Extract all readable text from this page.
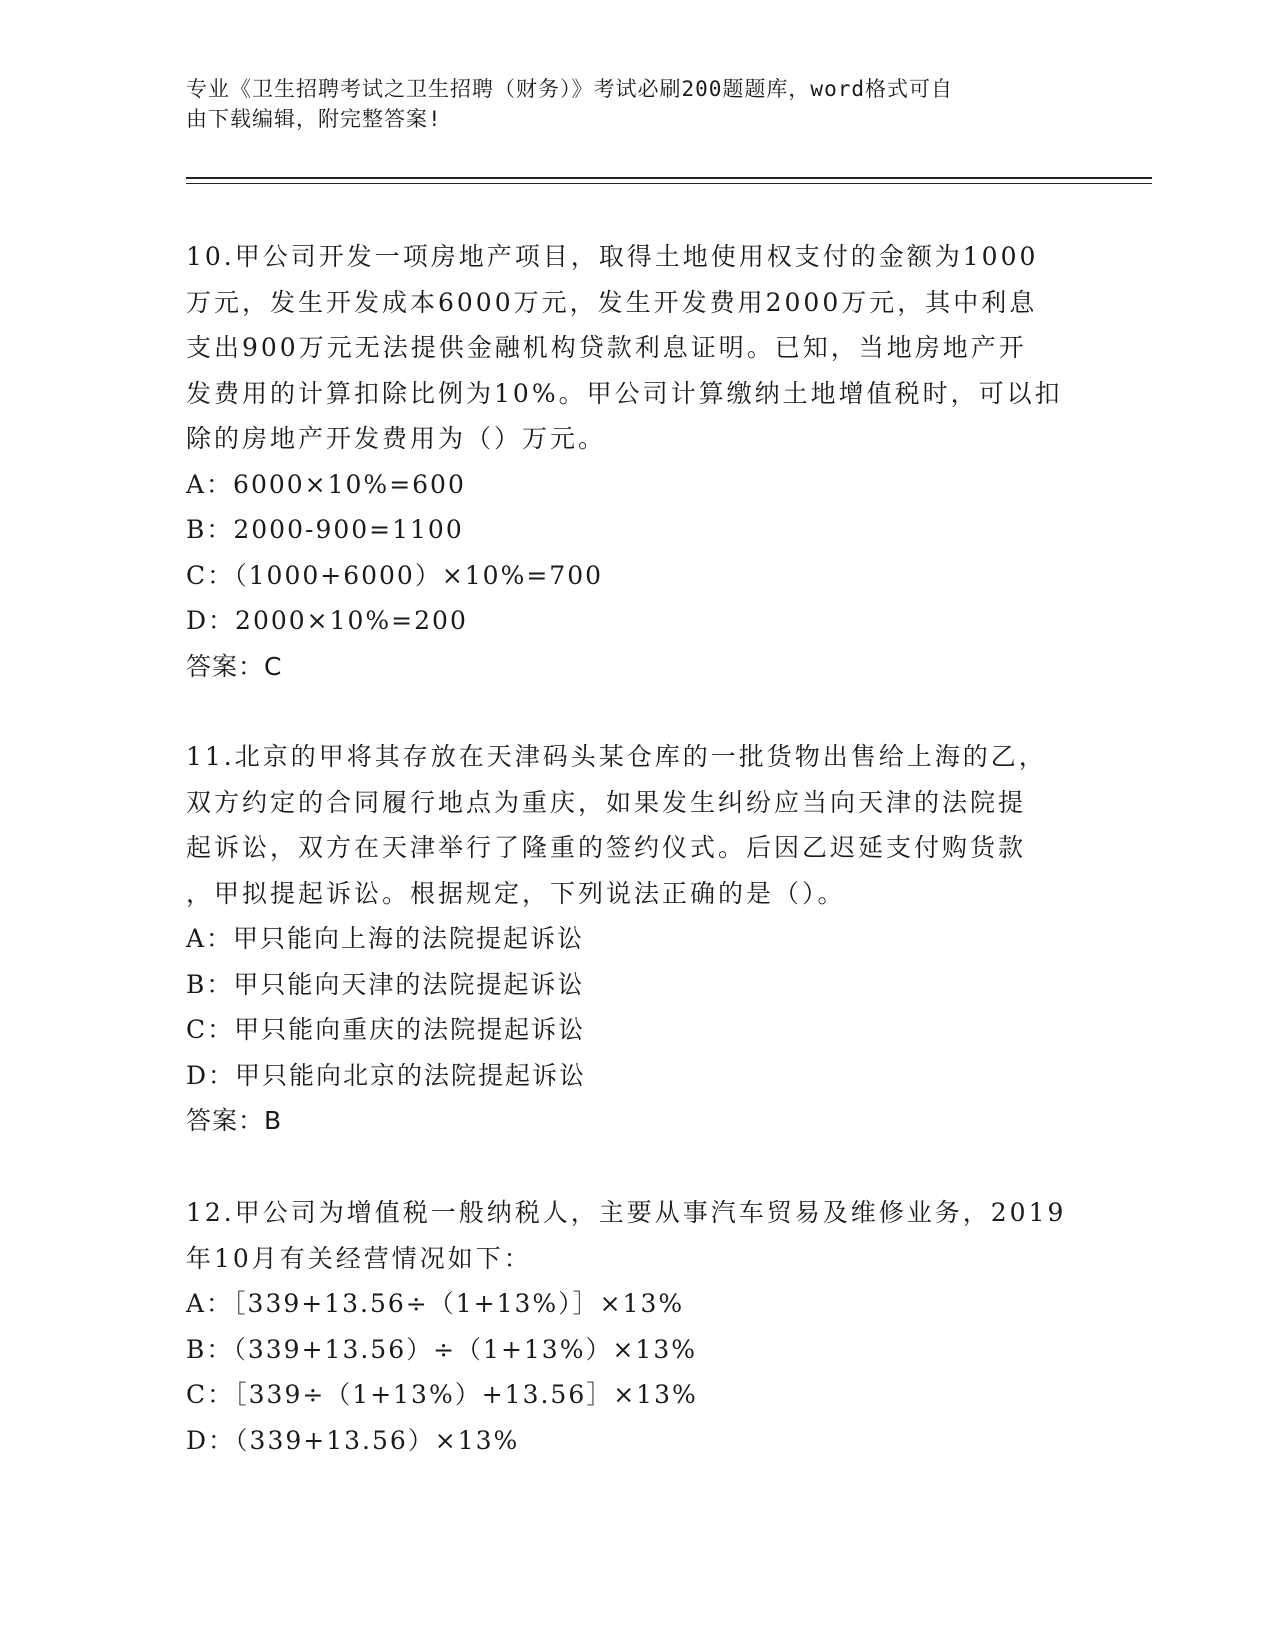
专业《卫生招聘考试之卫生招聘（财务）》考试必刷200题题库，word格式可自
由下载编辑，附完整答案!
10.甲公司开发一项房地产项目，取得土地使用权支付的金额为1000
万元，发生开发成本6000万元，发生开发费用2000万元，其中利息
支出900万元无法提供金融机构贷款利息证明。已知，当地房地产开
发费用的计算扣除比例为10%。甲公司计算缴纳土地增值税时，可以扣
除的房地产开发费用为（）万元。
A：6000×10%=600
B：2000-900=1100
C：（1000+6000）×10%=700
D：2000×10%=200
答案：C
11.北京的甲将其存放在天津码头某仓库的一批货物出售给上海的乙，
双方约定的合同履行地点为重庆，如果发生纠纷应当向天津的法院提
起诉讼，双方在天津举行了隆重的签约仪式。后因乙迟延支付购货款
，甲拟提起诉讼。根据规定，下列说法正确的是（）。
A：甲只能向上海的法院提起诉讼
B：甲只能向天津的法院提起诉讼
C：甲只能向重庆的法院提起诉讼
D：甲只能向北京的法院提起诉讼
答案：B
12.甲公司为增值税一般纳税人，主要从事汽车贸易及维修业务，2019
年10月有关经营情况如下：
A：［339+13.56÷（1+13%）］×13%
B：（339+13.56）÷（1+13%）×13%
C：［339÷（1+13%）+13.56］×13%
D：（339+13.56）×13%
